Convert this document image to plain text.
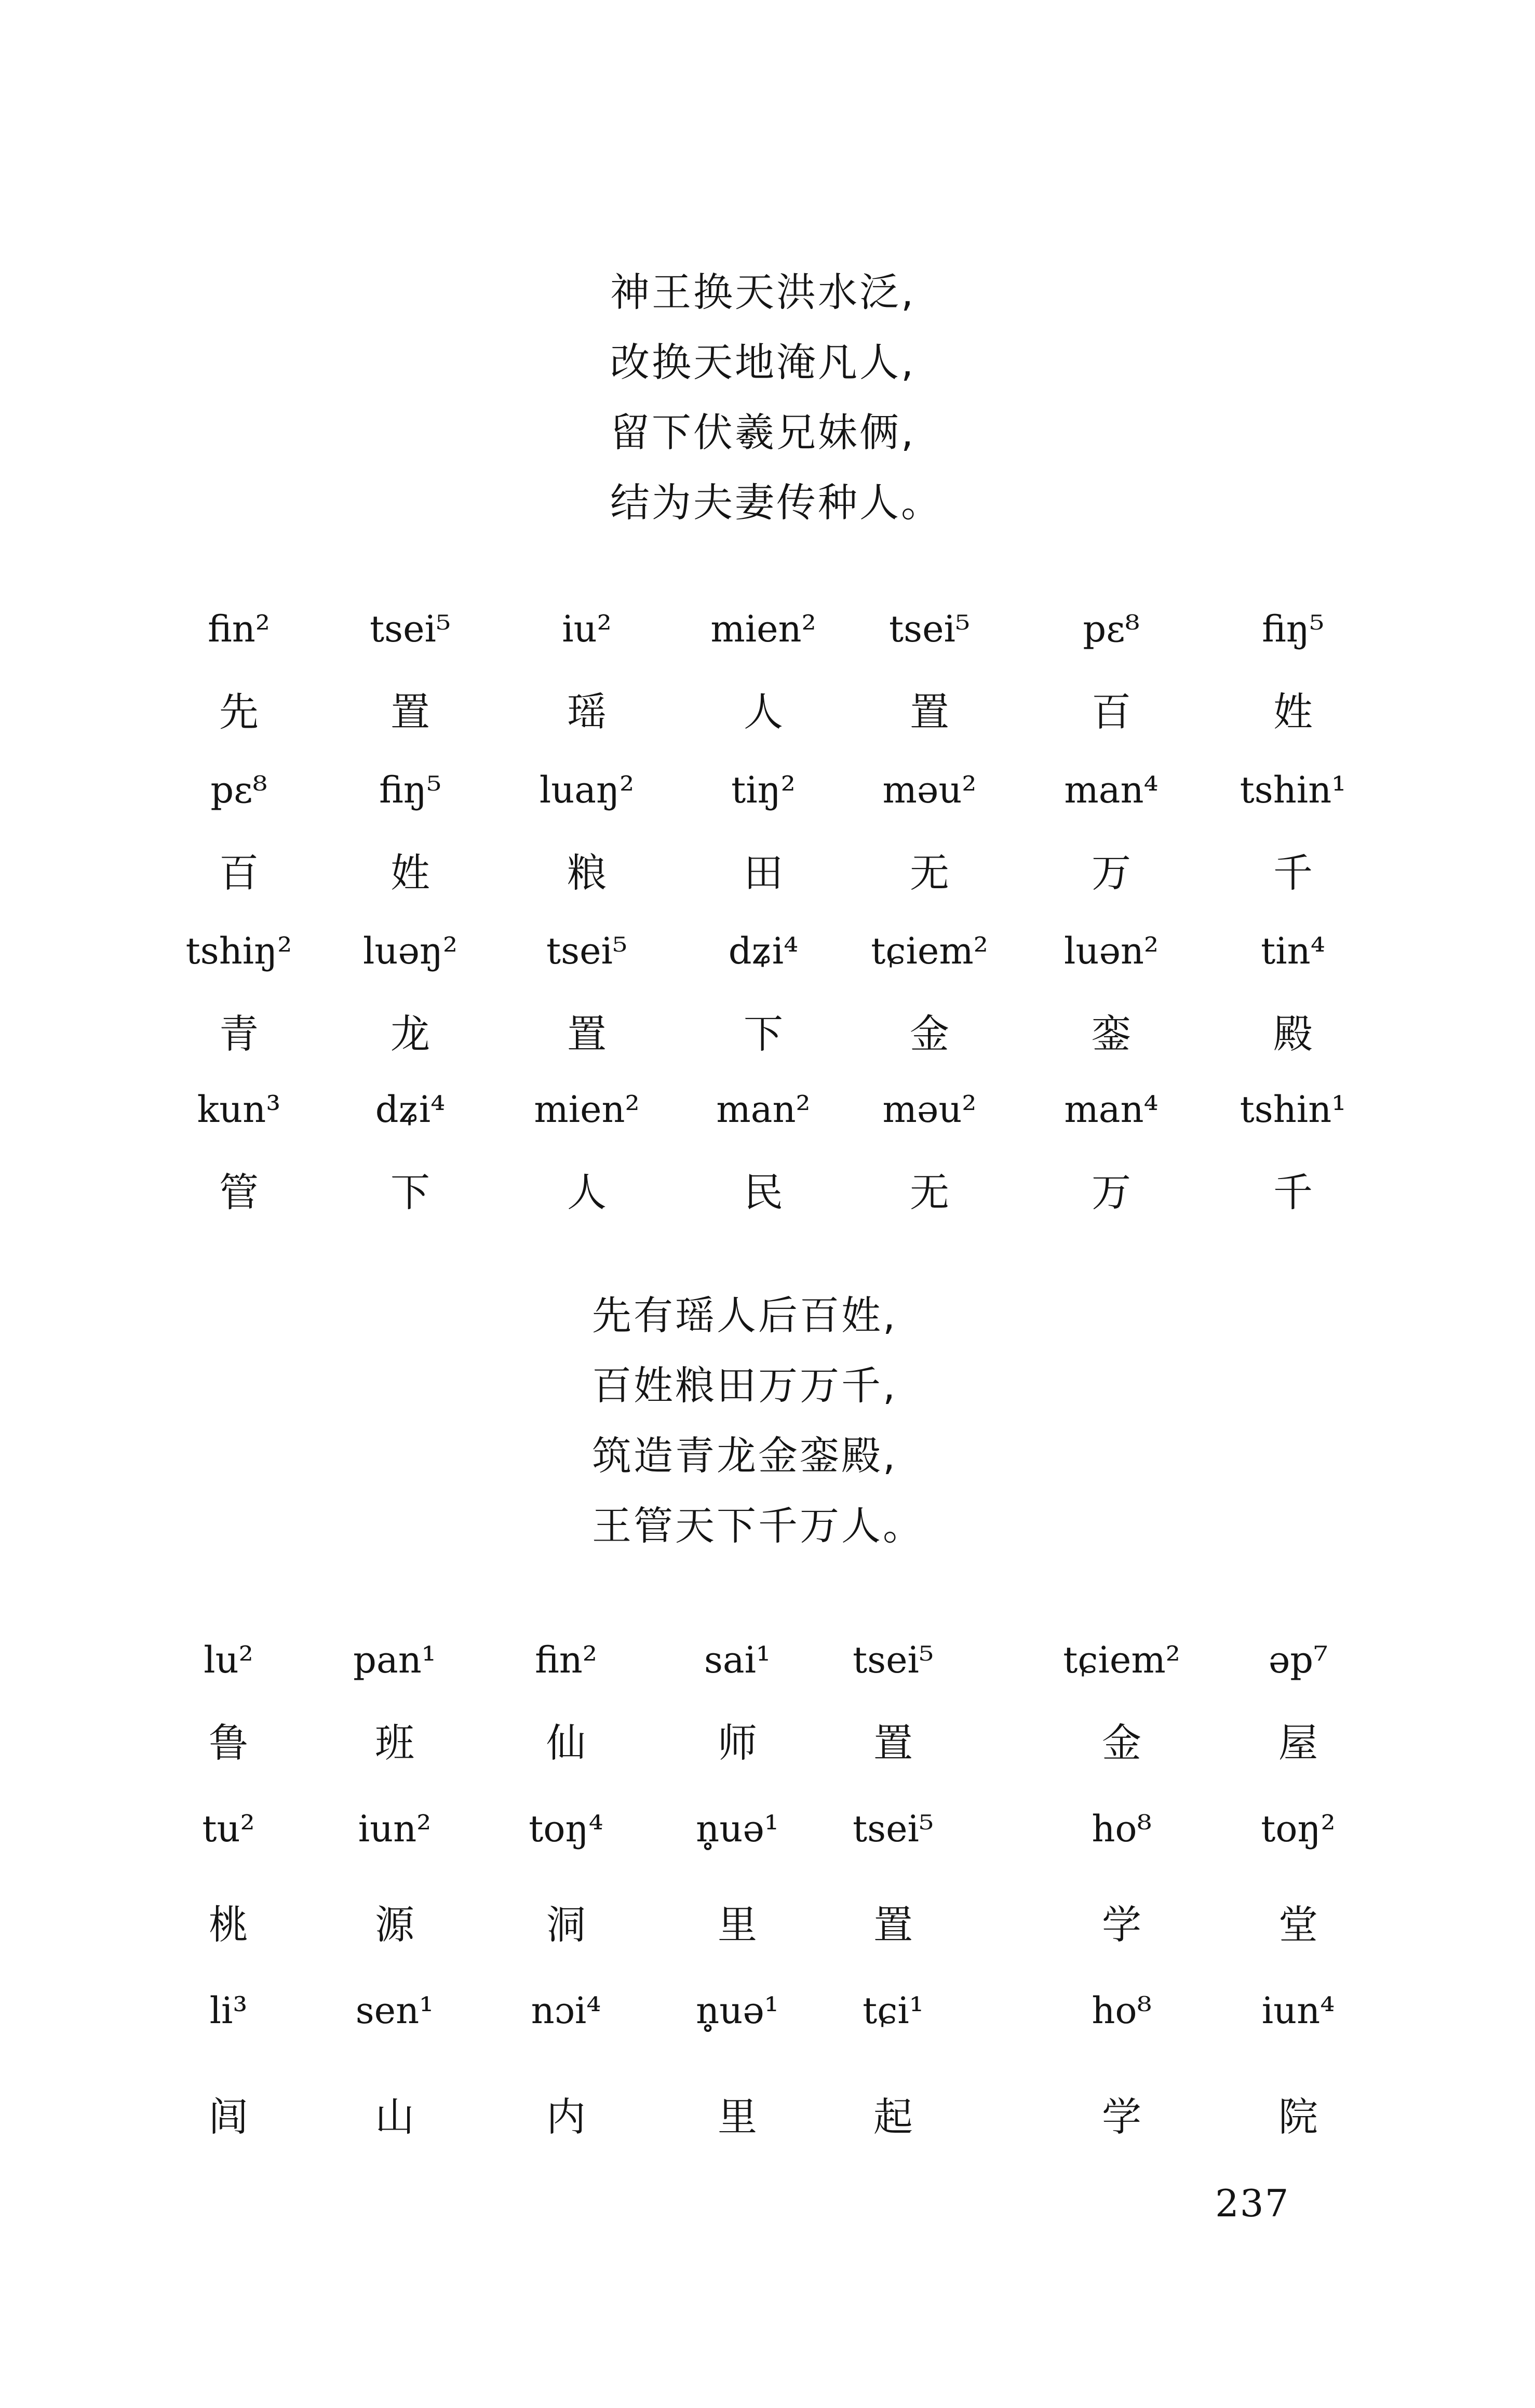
神王换天洪水泛,
改换天地淹凡人,
留下伏羲兄妹俩,
结为夫妻传种人。
fin²
先
tsei⁵
置
iu²
瑶
mien²
人
tsei⁵
置
pɛ⁸
百
fiŋ⁵
姓
pɛ⁸
百
fiŋ⁵
姓
luaŋ²
粮
tiŋ²
田
məu²
无
man⁴
万
tshin¹
千
tshiŋ²
青
luəŋ²
龙
tsei⁵
置
dʑi⁴
下
tɕiem²
金
luən²
銮
tin⁴
殿
kun³
管
dʑi⁴
下
mien²
人
man²
民
məu²
无
man⁴
万
tshin¹
千
先有瑶人后百姓,
百姓粮田万万千,
筑造青龙金銮殿,
王管天下千万人。
lu²
鲁
pan¹
班
fin²
仙
sai¹
师
tsei⁵
置
tɕiem²
金
əp⁷
屋
tu²
桃
iun²
源
toŋ⁴
洞
n̥uə¹
里
tsei⁵
置
ho⁸
学
toŋ²
堂
li³
闾
sen¹
山
nɔi⁴
内
n̥uə¹
里
tɕi¹
起
ho⁸
学
iun⁴
院
237
